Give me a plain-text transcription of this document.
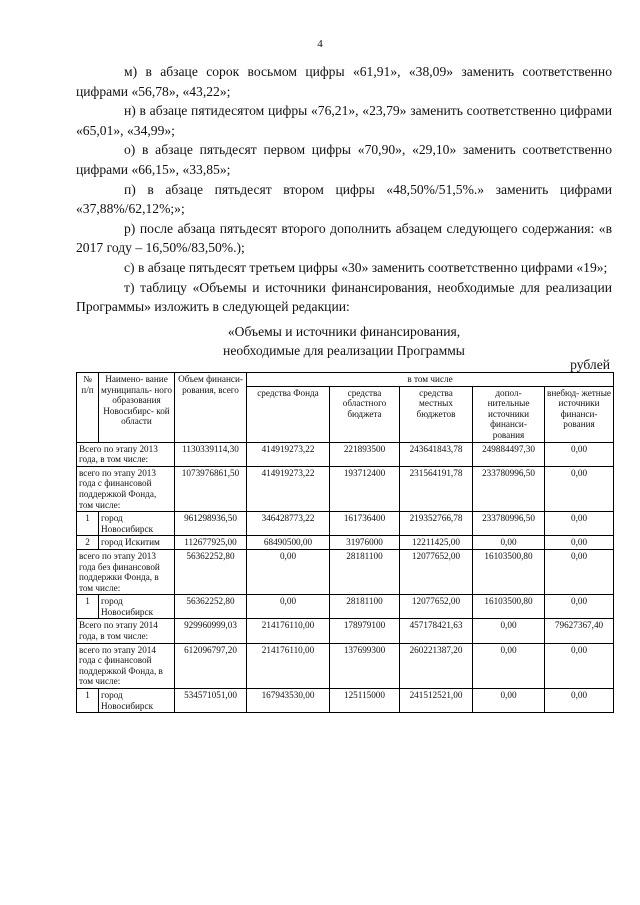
4

м) в абзаце сорок восьмом цифры «61,91», «38,09» заменить соответственно цифрами «56,78», «43,22»;

н) в абзаце пятидесятом цифры «76,21», «23,79» заменить соответственно цифрами «65,01», «34,99»;

о) в абзаце пятьдесят первом цифры «70,90», «29,10» заменить соответственно цифрами «66,15», «33,85»;

п) в абзаце пятьдесят втором цифры «48,50%/51,5%.» заменить цифрами «37,88%/62,12%;»;

р) после абзаца пятьдесят второго дополнить абзацем следующего содержания: «в 2017 году – 16,50%/83,50%.);

с) в абзаце пятьдесят третьем цифры «30» заменить соответственно цифрами «19»;

т) таблицу «Объемы и источники финансирования, необходимые для реализации Программы» изложить в следующей редакции:

«Объемы и источники финансирования,
необходимые для реализации Программы
рублей
№ п/п	Наимено- вание муниципаль- ного образования Новосибирс- кой области	Объем финанси- рования, всего	в том числе				
			средства Фонда	средства областного бюджета	средства местных бюджетов	допол- нительные источники финанси- рования	внебюд- жетные источники финанси- рования
Всего по этапу 2013 года, в том числе:		1130339114,30	414919273,22	221893500	243641843,78	249884497,30	0,00
всего по этапу 2013 года с финансовой поддержкой Фонда, том числе:		1073976861,50	414919273,22	193712400	231564191,78	233780996,50	0,00
1	город Новосибирск	961298936,50	346428773,22	161736400	219352766,78	233780996,50	0,00
2	город Искитим	112677925,00	68490500,00	31976000	12211425,00	0,00	0,00
всего по этапу 2013 года без финансовой поддержки Фонда, в том числе:		56362252,80	0,00	28181100	12077652,00	16103500,80	0,00
1	город Новосибирск	56362252,80	0,00	28181100	12077652,00	16103500,80	0,00
Всего по этапу 2014 года, в том числе:		929960999,03	214176110,00	178979100	457178421,63	0,00	79627367,40
всего по этапу 2014 года с финансовой поддержкой Фонда, в том числе:		612096797,20	214176110,00	137699300	260221387,20	0,00	0,00
1	город Новосибирск	534571051,00	167943530,00	125115000	241512521,00	0,00	0,00
